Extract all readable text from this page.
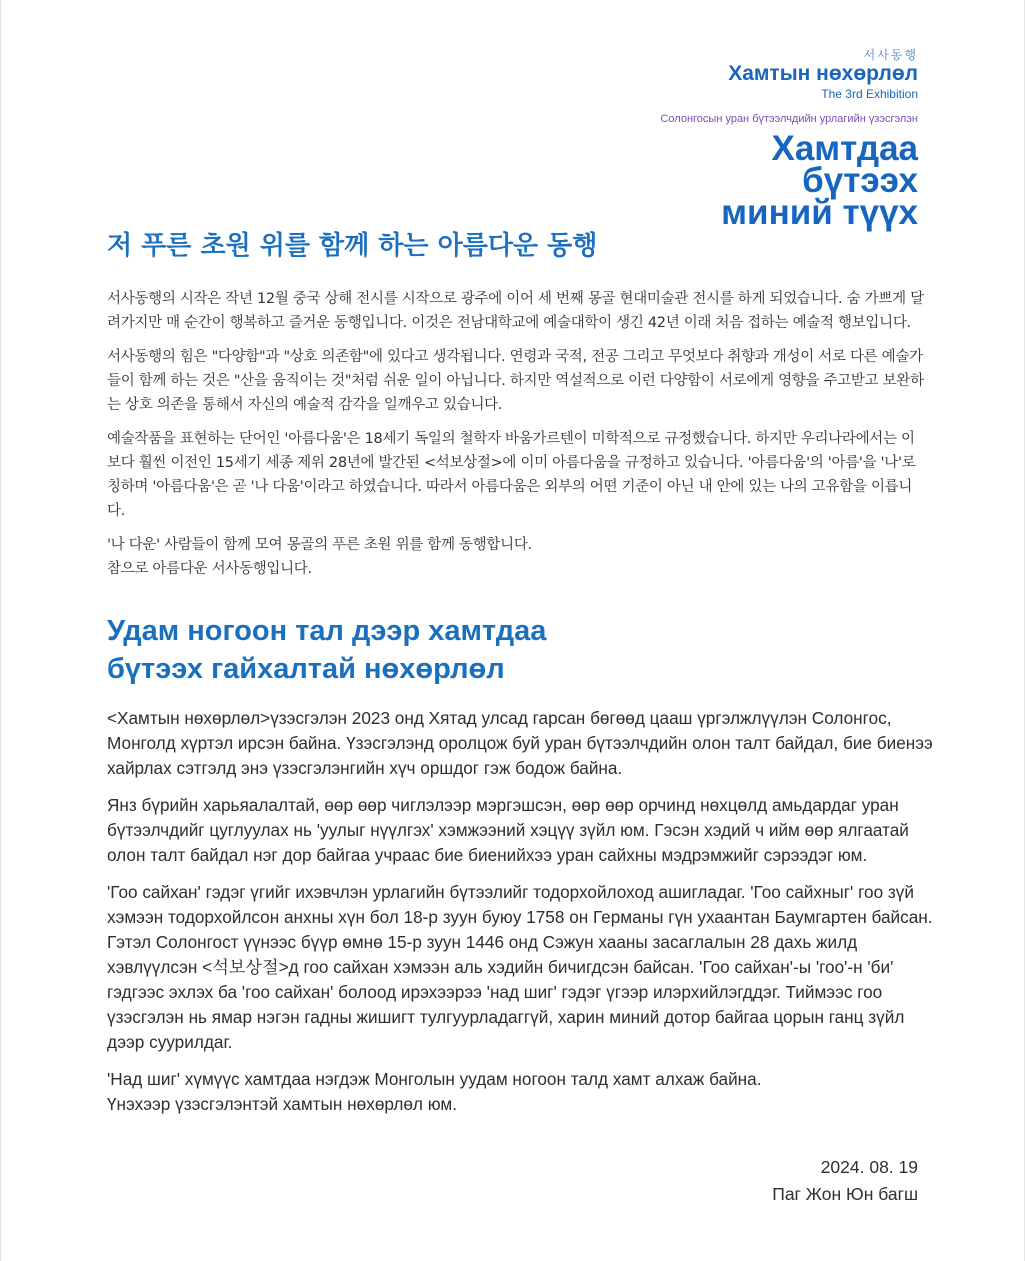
서사동행
Хамтын нөхөрлөл
The 3rd Exhibition
Солонгосын уран бүтээлчдийн урлагийн үзэсгэлэн
Хамтдаа
бүтээх
миний түүх
저 푸른 초원 위를 함께 하는 아름다운 동행

서사동행의 시작은 작년 12월 중국 상해 전시를 시작으로 광주에 이어 세 번째 몽골 현대미술관 전시를 하게 되었습니다. 숨 가쁘게 달려가지만 매 순간이 행복하고 즐거운 동행입니다. 이것은 전남대학교에 예술대학이 생긴 42년 이래 처음 접하는 예술적 행보입니다.

서사동행의 힘은 "다양함"과 "상호 의존함"에 있다고 생각됩니다. 연령과 국적, 전공 그리고 무엇보다 취향과 개성이 서로 다른 예술가들이 함께 하는 것은 "산을 움직이는 것"처럼 쉬운 일이 아닙니다. 하지만 역설적으로 이런 다양함이 서로에게 영향을 주고받고 보완하는 상호 의존을 통해서 자신의 예술적 감각을 일깨우고 있습니다.

예술작품을 표현하는 단어인 '아름다움'은 18세기 독일의 철학자 바움가르텐이 미학적으로 규정했습니다. 하지만 우리나라에서는 이보다 훨씬 이전인 15세기 세종 제위 28년에 발간된 <석보상절>에 이미 아름다움을 규정하고 있습니다. '아름다움'의 '아름'을 '나'로 칭하며 '아름다움'은 곧 '나 다움'이라고 하였습니다. 따라서 아름다움은 외부의 어떤 기준이 아닌 내 안에 있는 나의 고유함을 이릅니다.

'나 다운' 사람들이 함께 모여 몽골의 푸른 초원 위를 함께 동행합니다.

참으로 아름다운 서사동행입니다.

Удам ногоон тал дээр хамтдаа
бүтээх гайхалтай нөхөрлөл

<Хамтын нөхөрлөл>үзэсгэлэн 2023 онд Хятад улсад гарсан бөгөөд цааш үргэлжлүүлэн Солонгос, Монголд хүртэл ирсэн байна. Үзэсгэлэнд оролцож буй уран бүтээлчдийн олон талт байдал, бие биенээ хайрлах сэтгэлд энэ үзэсгэлэнгийн хүч оршдог гэж бодож байна.

Янз бүрийн харьяалалтай, өөр өөр чиглэлээр мэргэшсэн, өөр өөр орчинд нөхцөлд амьдардаг уран бүтээлчдийг цуглуулах нь 'уулыг нүүлгэх' хэмжээний хэцүү зүйл юм. Гэсэн хэдий ч ийм өөр ялгаатай олон талт байдал нэг дор байгаа учраас бие биенийхээ уран сайхны мэдрэмжийг сэрээдэг юм.

'Гоо сайхан' гэдэг үгийг ихэвчлэн урлагийн бүтээлийг тодорхойлоход ашигладаг. 'Гоо сайхныг' гоо зүй хэмээн тодорхойлсон анхны хүн бол 18-р зуун буюу 1758 он Германы гүн ухаантан Баумгартен байсан. Гэтэл Солонгост үүнээс бүүр өмнө 15-р зуун 1446 онд Сэжун хааны засаглалын 28 дахь жилд хэвлүүлсэн <석보상절>д гоо сайхан хэмээн аль хэдийн бичигдсэн байсан. 'Гоо сайхан'-ы 'гоо'-н 'би' гэдгээс эхлэх ба 'гоо сайхан' болоод ирэхээрээ 'над шиг' гэдэг үгээр илэрхийлэгддэг. Тиймээс гоо үзэсгэлэн нь ямар нэгэн гадны жишигт тулгуурладаггүй, харин миний дотор байгаа цорын ганц зүйл дээр суурилдаг.

'Над шиг' хүмүүс хамтдаа нэгдэж Монголын уудам ногоон талд хамт алхаж байна.

Үнэхээр үзэсгэлэнтэй хамтын нөхөрлөл юм.

2024. 08. 19
Паг Жон Юн багш
